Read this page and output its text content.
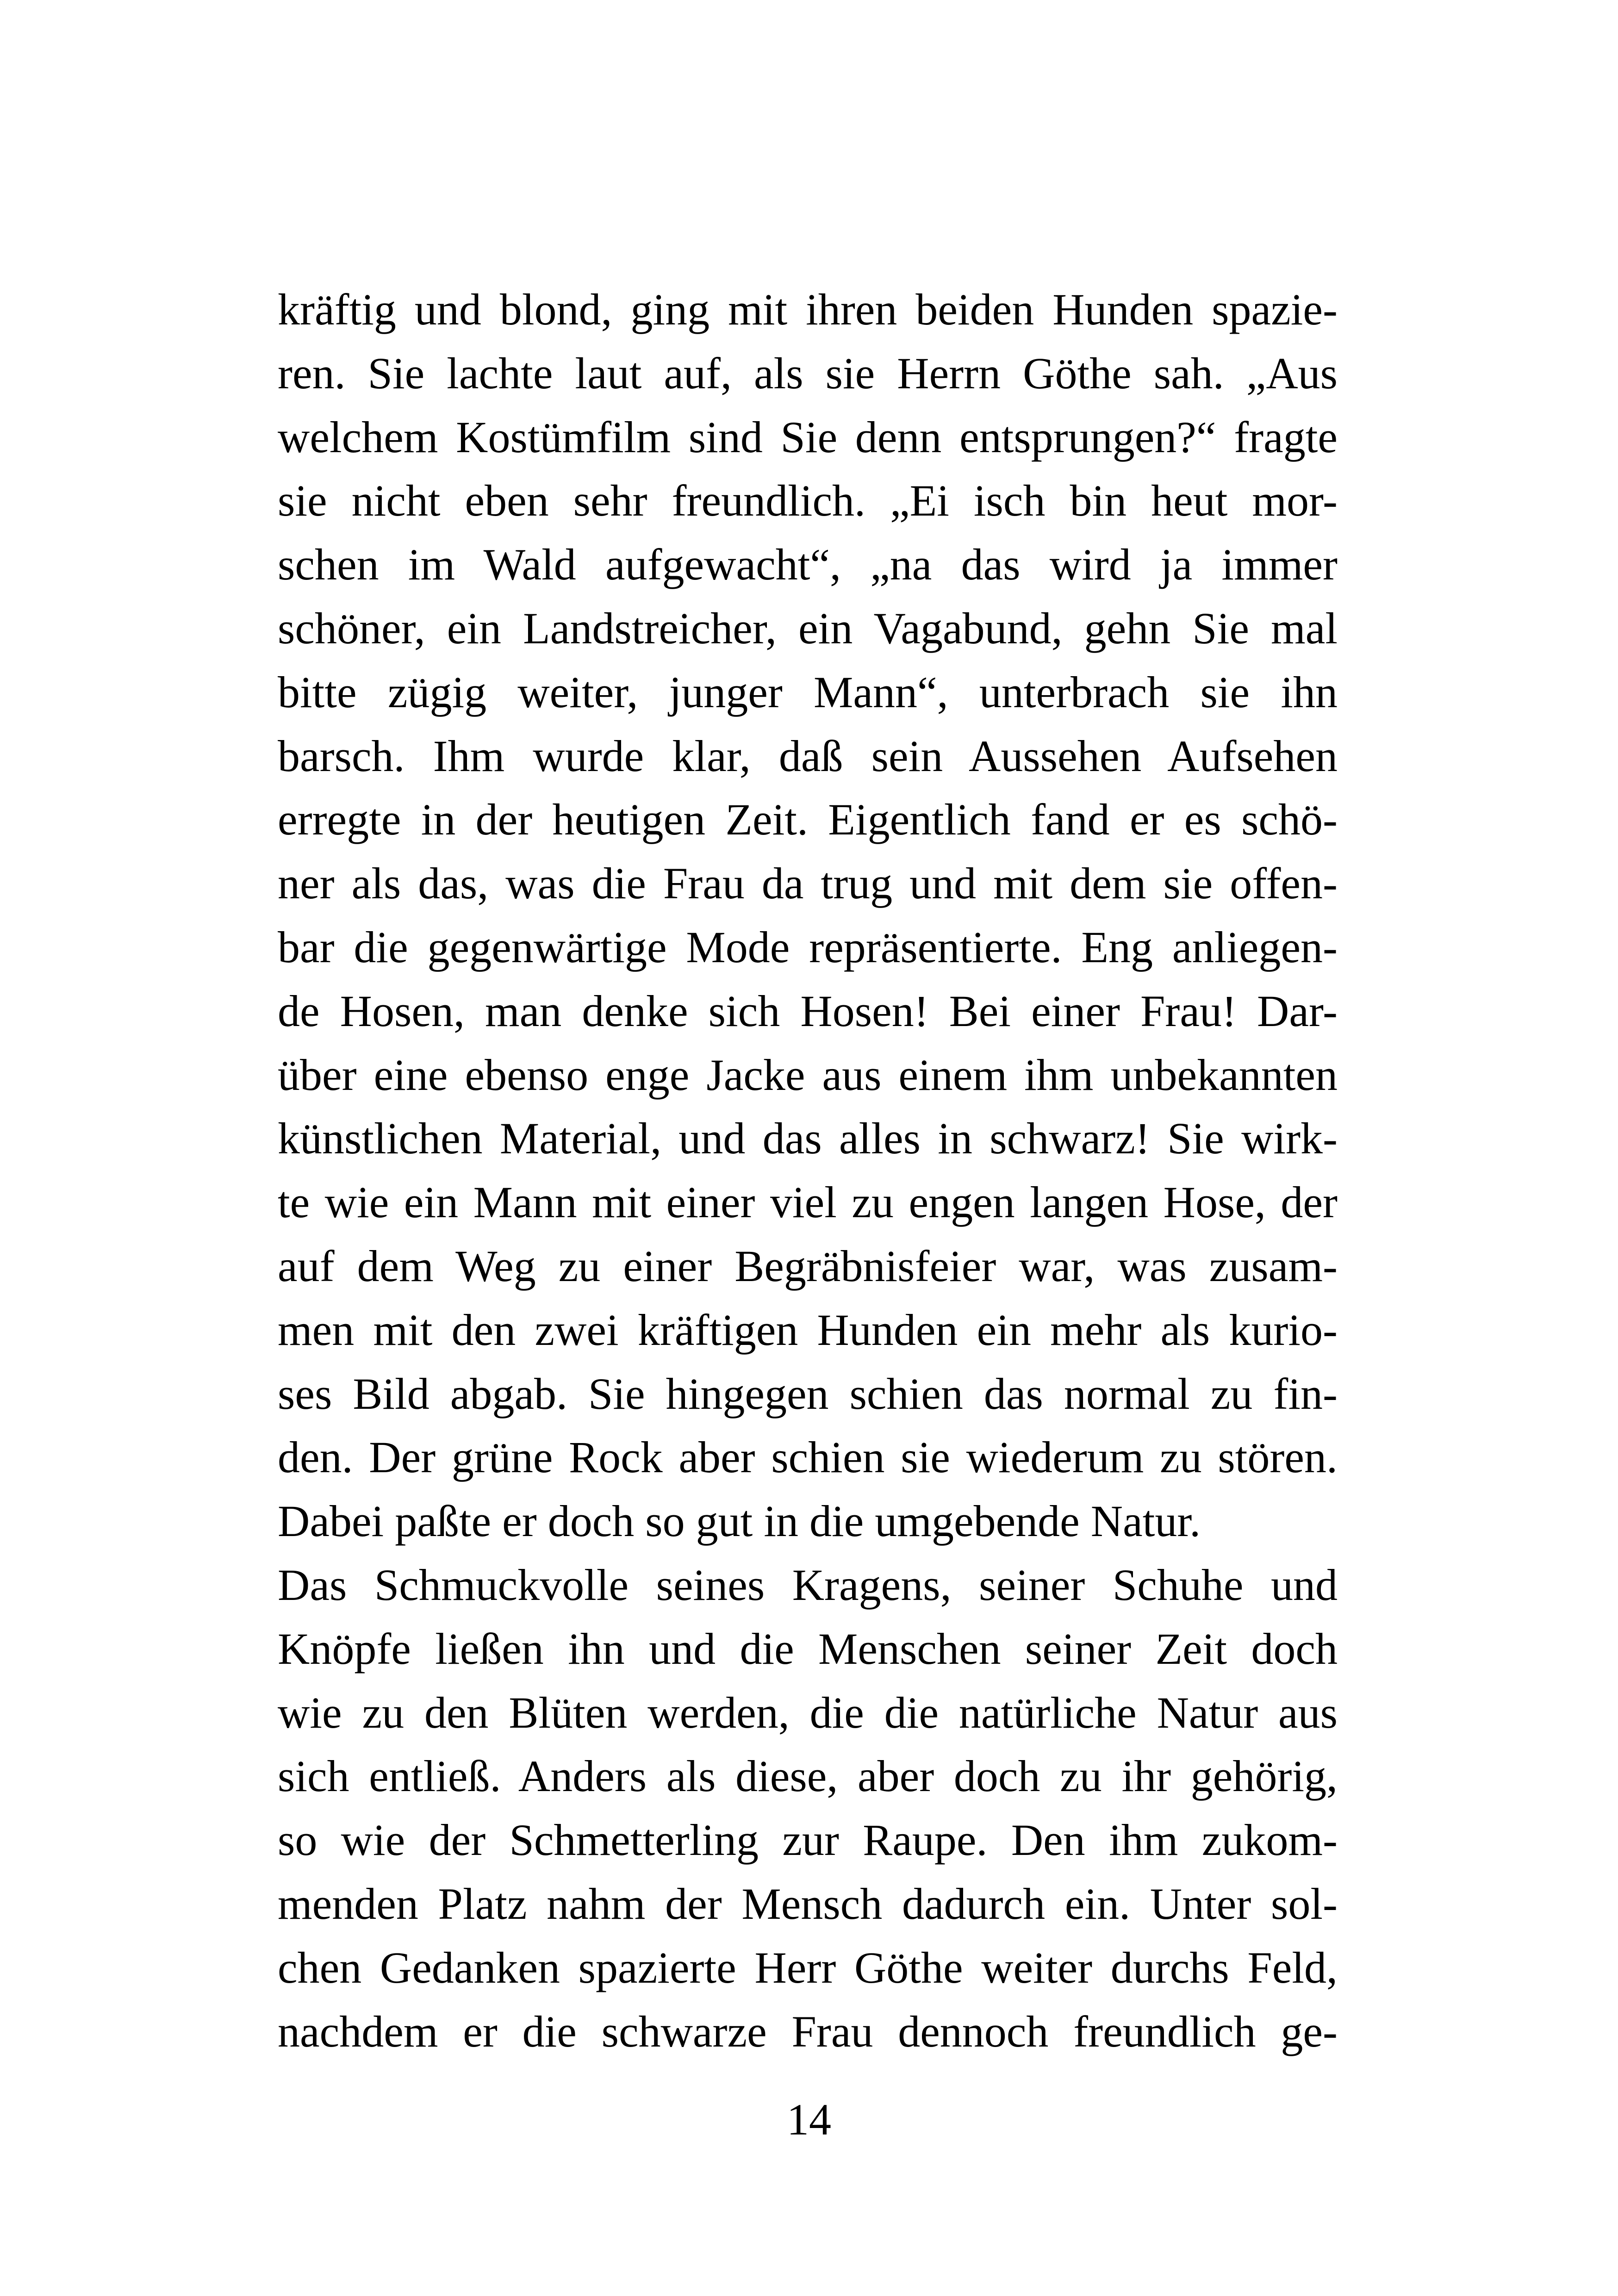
kräftig und blond, ging mit ihren beiden Hunden spazie-
ren. Sie lachte laut auf, als sie Herrn Göthe sah. „Aus
welchem Kostümfilm sind Sie denn entsprungen?“ fragte
sie nicht eben sehr freundlich. „Ei isch bin heut mor-
schen im Wald aufgewacht“, „na das wird ja immer
schöner, ein Landstreicher, ein Vagabund, gehn Sie mal
bitte zügig weiter, junger Mann“, unterbrach sie ihn
barsch. Ihm wurde klar, daß sein Aussehen Aufsehen
erregte in der heutigen Zeit. Eigentlich fand er es schö-
ner als das, was die Frau da trug und mit dem sie offen-
bar die gegenwärtige Mode repräsentierte. Eng anliegen-
de Hosen, man denke sich Hosen! Bei einer Frau! Dar-
über eine ebenso enge Jacke aus einem ihm unbekannten
künstlichen Material, und das alles in schwarz! Sie wirk-
te wie ein Mann mit einer viel zu engen langen Hose, der
auf dem Weg zu einer Begräbnisfeier war, was zusam-
men mit den zwei kräftigen Hunden ein mehr als kurio-
ses Bild abgab. Sie hingegen schien das normal zu fin-
den. Der grüne Rock aber schien sie wiederum zu stören.
Dabei paßte er doch so gut in die umgebende Natur.
Das Schmuckvolle seines Kragens, seiner Schuhe und
Knöpfe ließen ihn und die Menschen seiner Zeit doch
wie zu den Blüten werden, die die natürliche Natur aus
sich entließ. Anders als diese, aber doch zu ihr gehörig,
so wie der Schmetterling zur Raupe. Den ihm zukom-
menden Platz nahm der Mensch dadurch ein. Unter sol-
chen Gedanken spazierte Herr Göthe weiter durchs Feld,
nachdem er die schwarze Frau dennoch freundlich ge-
14
